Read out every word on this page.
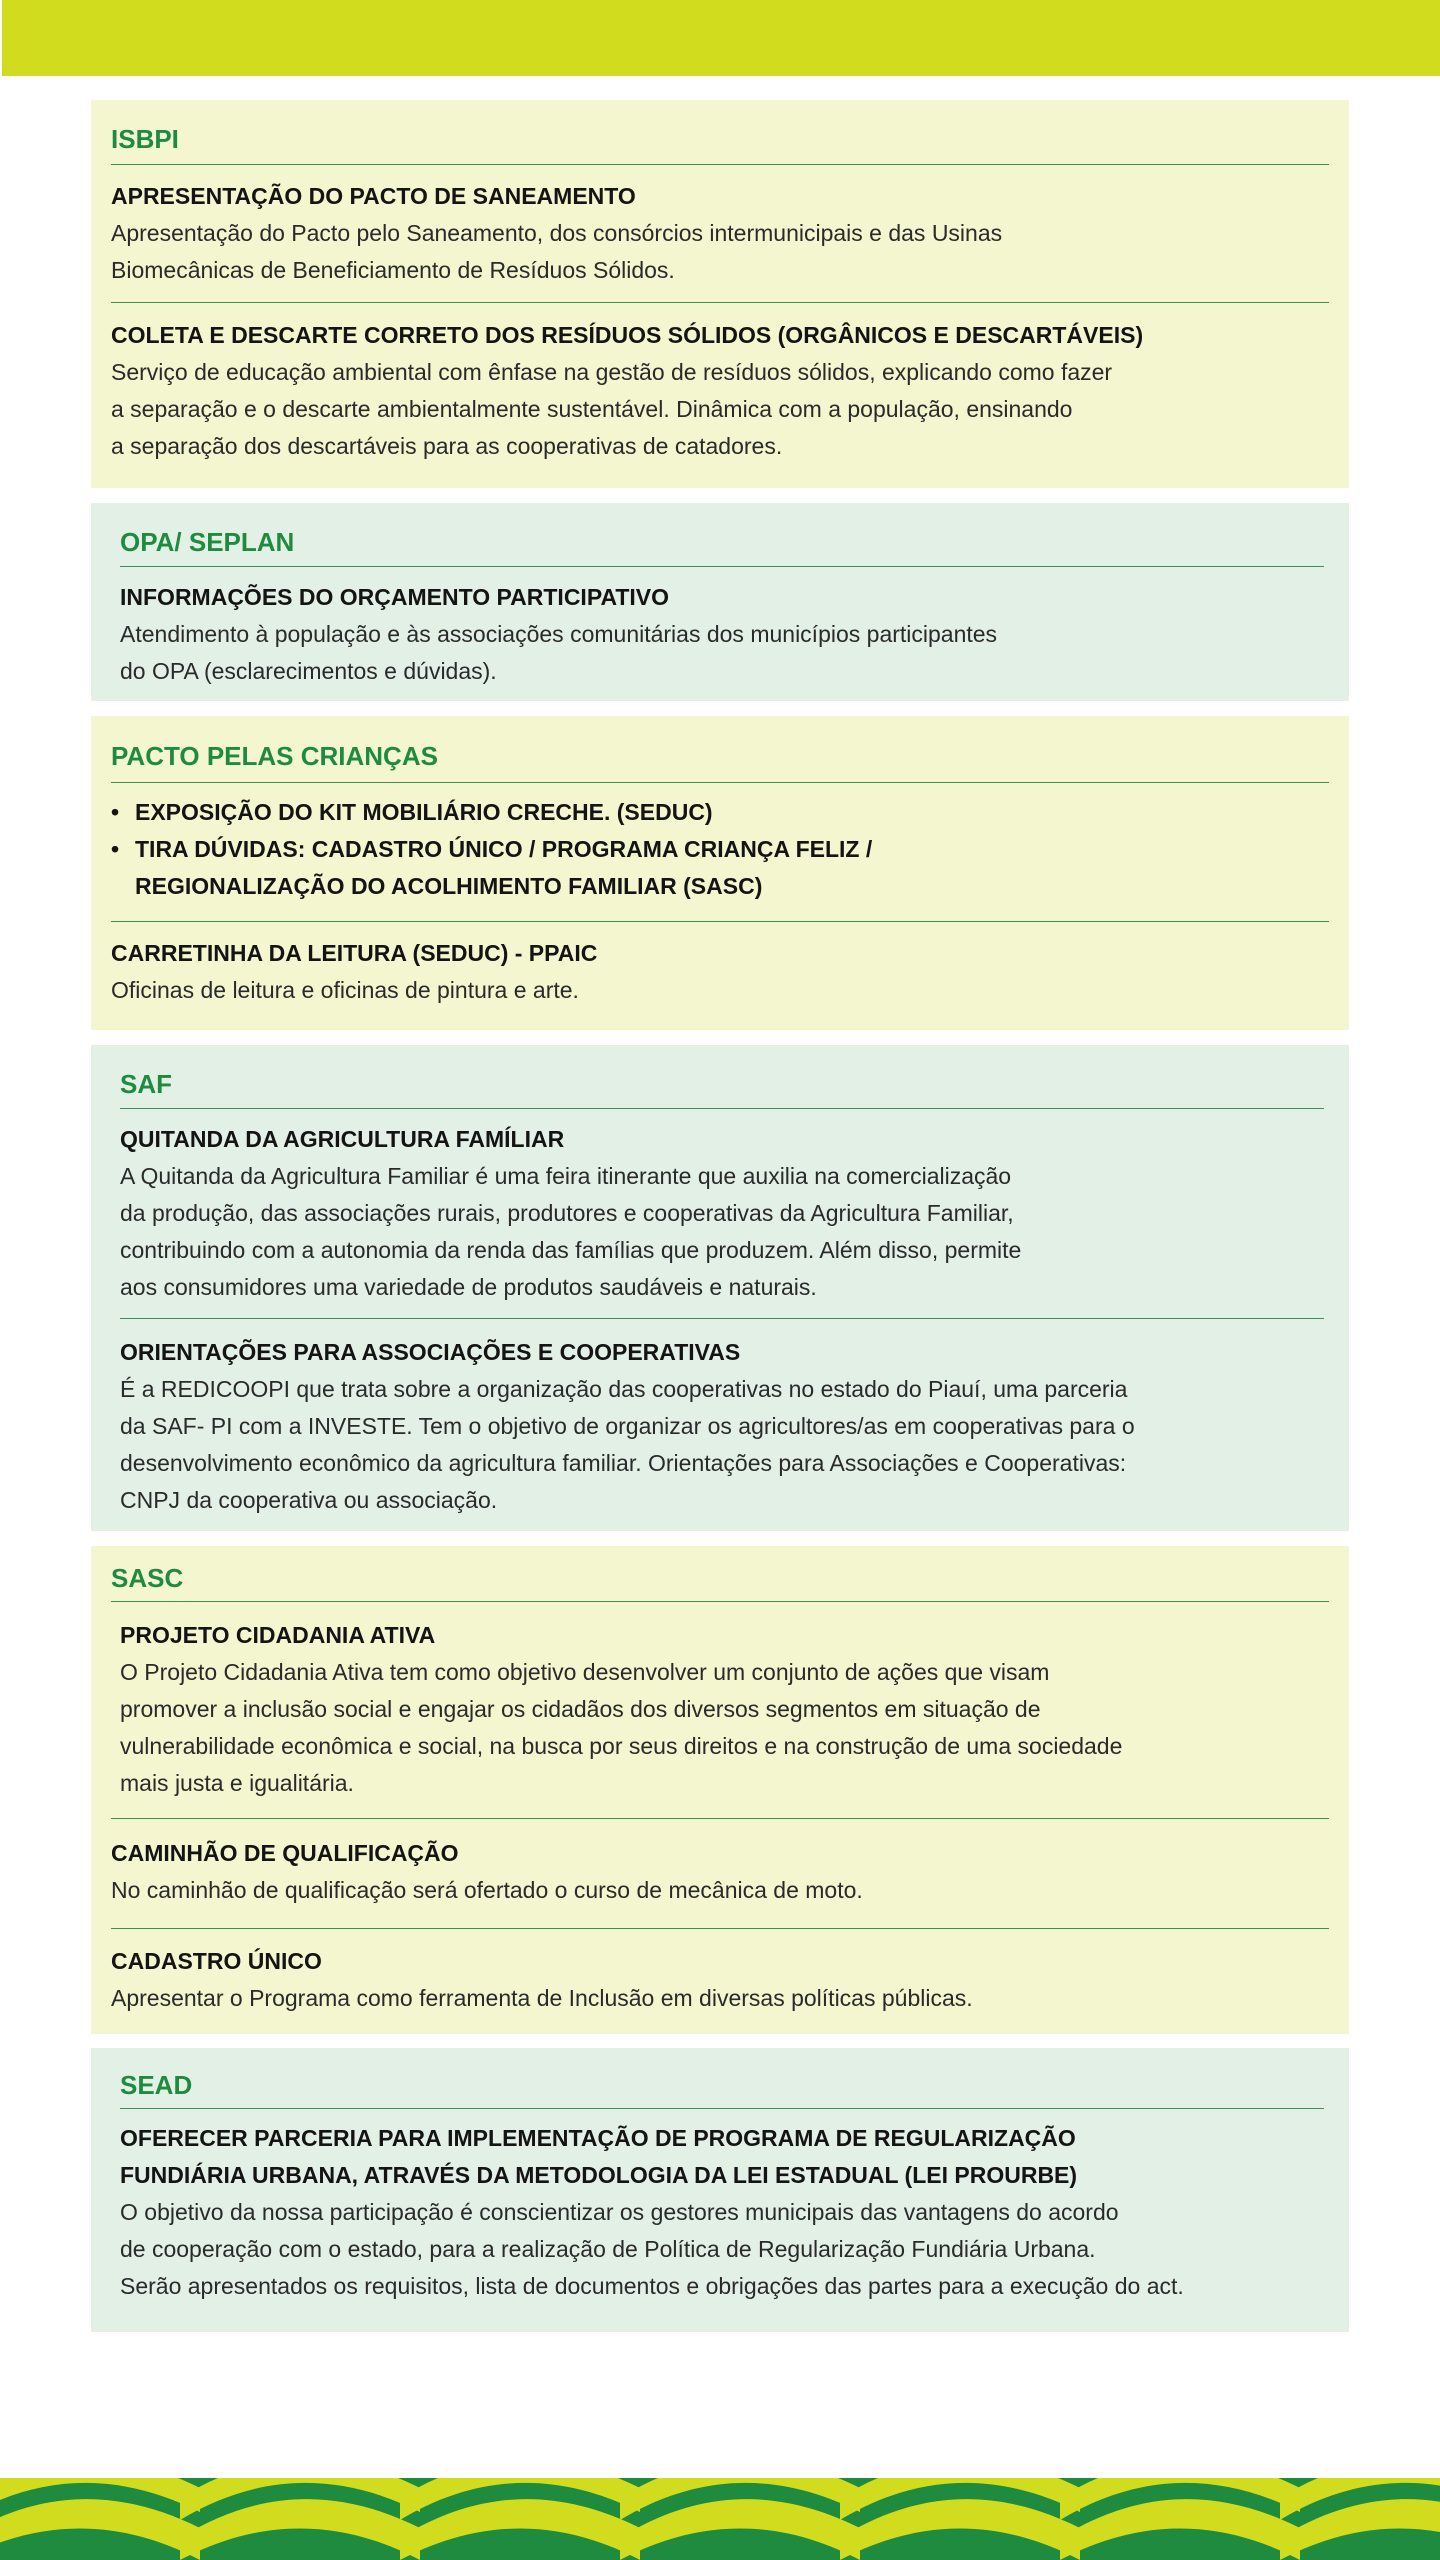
ISBPI
APRESENTAÇÃO DO PACTO DE SANEAMENTO
Apresentação do Pacto pelo Saneamento, dos consórcios intermunicipais e das Usinas
Biomecânicas de Beneficiamento de Resíduos Sólidos.
COLETA E DESCARTE CORRETO DOS RESÍDUOS SÓLIDOS (ORGÂNICOS E DESCARTÁVEIS)
Serviço de educação ambiental com ênfase na gestão de resíduos sólidos, explicando como fazer
a separação e o descarte ambientalmente sustentável. Dinâmica com a população, ensinando
a separação dos descartáveis para as cooperativas de catadores.
OPA/ SEPLAN
INFORMAÇÕES DO ORÇAMENTO PARTICIPATIVO
Atendimento à população e às associações comunitárias dos municípios participantes
do OPA (esclarecimentos e dúvidas).
PACTO PELAS CRIANÇAS
• EXPOSIÇÃO DO KIT MOBILIÁRIO CRECHE. (SEDUC)
• TIRA DÚVIDAS: CADASTRO ÚNICO / PROGRAMA CRIANÇA FELIZ /
REGIONALIZAÇÃO DO ACOLHIMENTO FAMILIAR (SASC)
CARRETINHA DA LEITURA (SEDUC) - PPAIC
Oficinas de leitura e oficinas de pintura e arte.
SAF
QUITANDA DA AGRICULTURA FAMÍLIAR
A Quitanda da Agricultura Familiar é uma feira itinerante que auxilia na comercialização
da produção, das associações rurais, produtores e cooperativas da Agricultura Familiar,
contribuindo com a autonomia da renda das famílias que produzem. Além disso, permite
aos consumidores uma variedade de produtos saudáveis e naturais.
ORIENTAÇÕES PARA ASSOCIAÇÕES E COOPERATIVAS
É a REDICOOPI que trata sobre a organização das cooperativas no estado do Piauí, uma parceria
da SAF- PI com a INVESTE. Tem o objetivo de organizar os agricultores/as em cooperativas para o
desenvolvimento econômico da agricultura familiar. Orientações para Associações e Cooperativas:
CNPJ da cooperativa ou associação.
SASC
PROJETO CIDADANIA ATIVA
O Projeto Cidadania Ativa tem como objetivo desenvolver um conjunto de ações que visam
promover a inclusão social e engajar os cidadãos dos diversos segmentos em situação de
vulnerabilidade econômica e social, na busca por seus direitos e na construção de uma sociedade
mais justa e igualitária.
CAMINHÃO DE QUALIFICAÇÃO
No caminhão de qualificação será ofertado o curso de mecânica de moto.
CADASTRO ÚNICO
Apresentar o Programa como ferramenta de Inclusão em diversas políticas públicas.
SEAD
OFERECER PARCERIA PARA IMPLEMENTAÇÃO DE PROGRAMA DE REGULARIZAÇÃO
FUNDIÁRIA URBANA, ATRAVÉS DA METODOLOGIA DA LEI ESTADUAL (LEI PROURBE)
O objetivo da nossa participação é conscientizar os gestores municipais das vantagens do acordo
de cooperação com o estado, para a realização de Política de Regularização Fundiária Urbana.
Serão apresentados os requisitos, lista de documentos e obrigações das partes para a execução do act.
